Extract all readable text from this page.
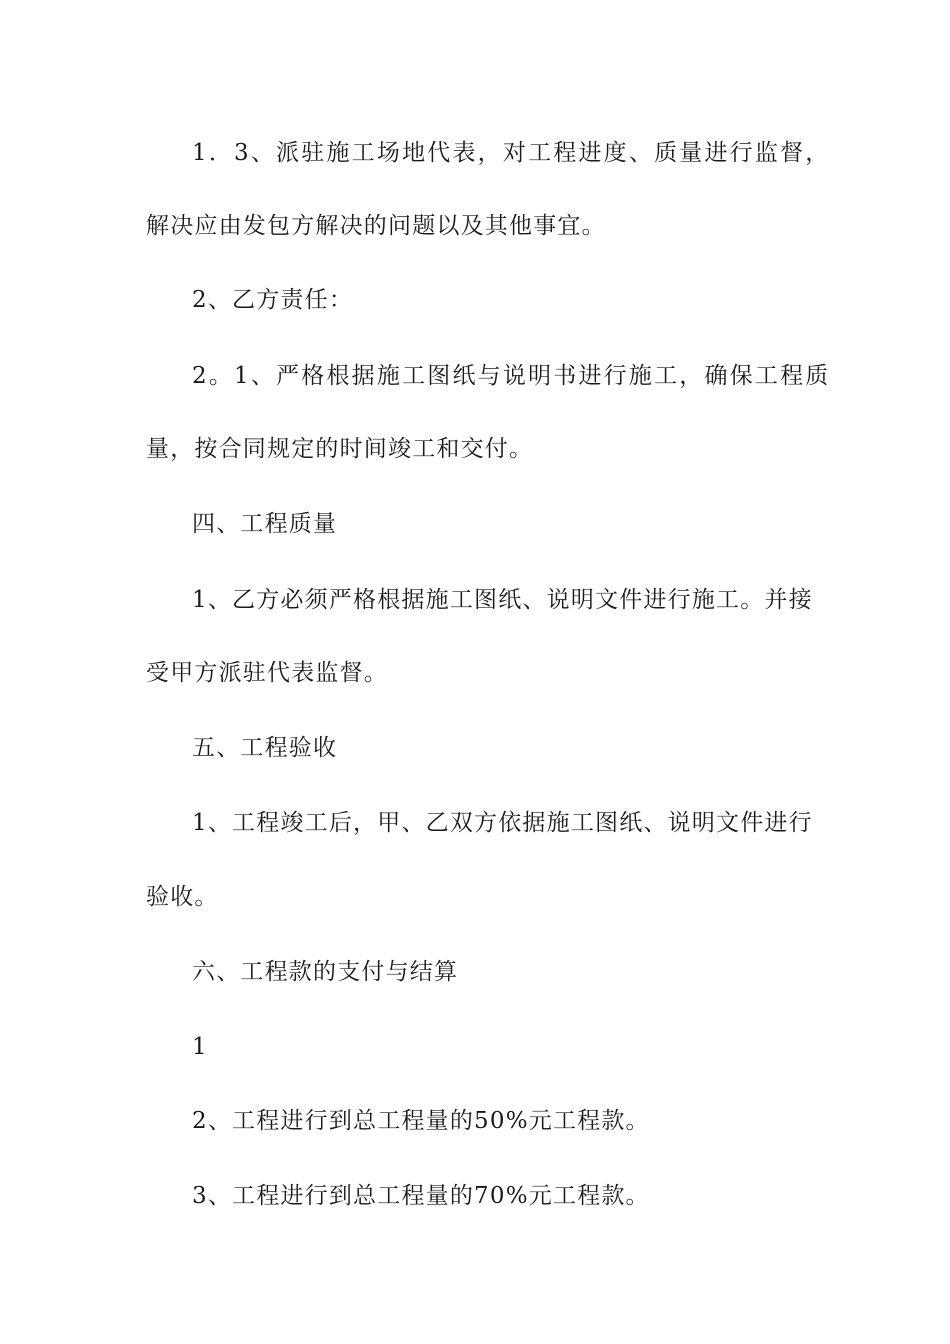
1．3、派驻施工场地代表，对工程进度、质量进行监督，
解决应由发包方解决的问题以及其他事宜。
2、乙方责任：
2。1、严格根据施工图纸与说明书进行施工，确保工程质
量，按合同规定的时间竣工和交付。
四、工程质量
1、乙方必须严格根据施工图纸、说明文件进行施工。并接
受甲方派驻代表监督。
五、工程验收
1、工程竣工后，甲、乙双方依据施工图纸、说明文件进行
验收。
六、工程款的支付与结算
1
2、工程进行到总工程量的50%元工程款。
3、工程进行到总工程量的70%元工程款。
